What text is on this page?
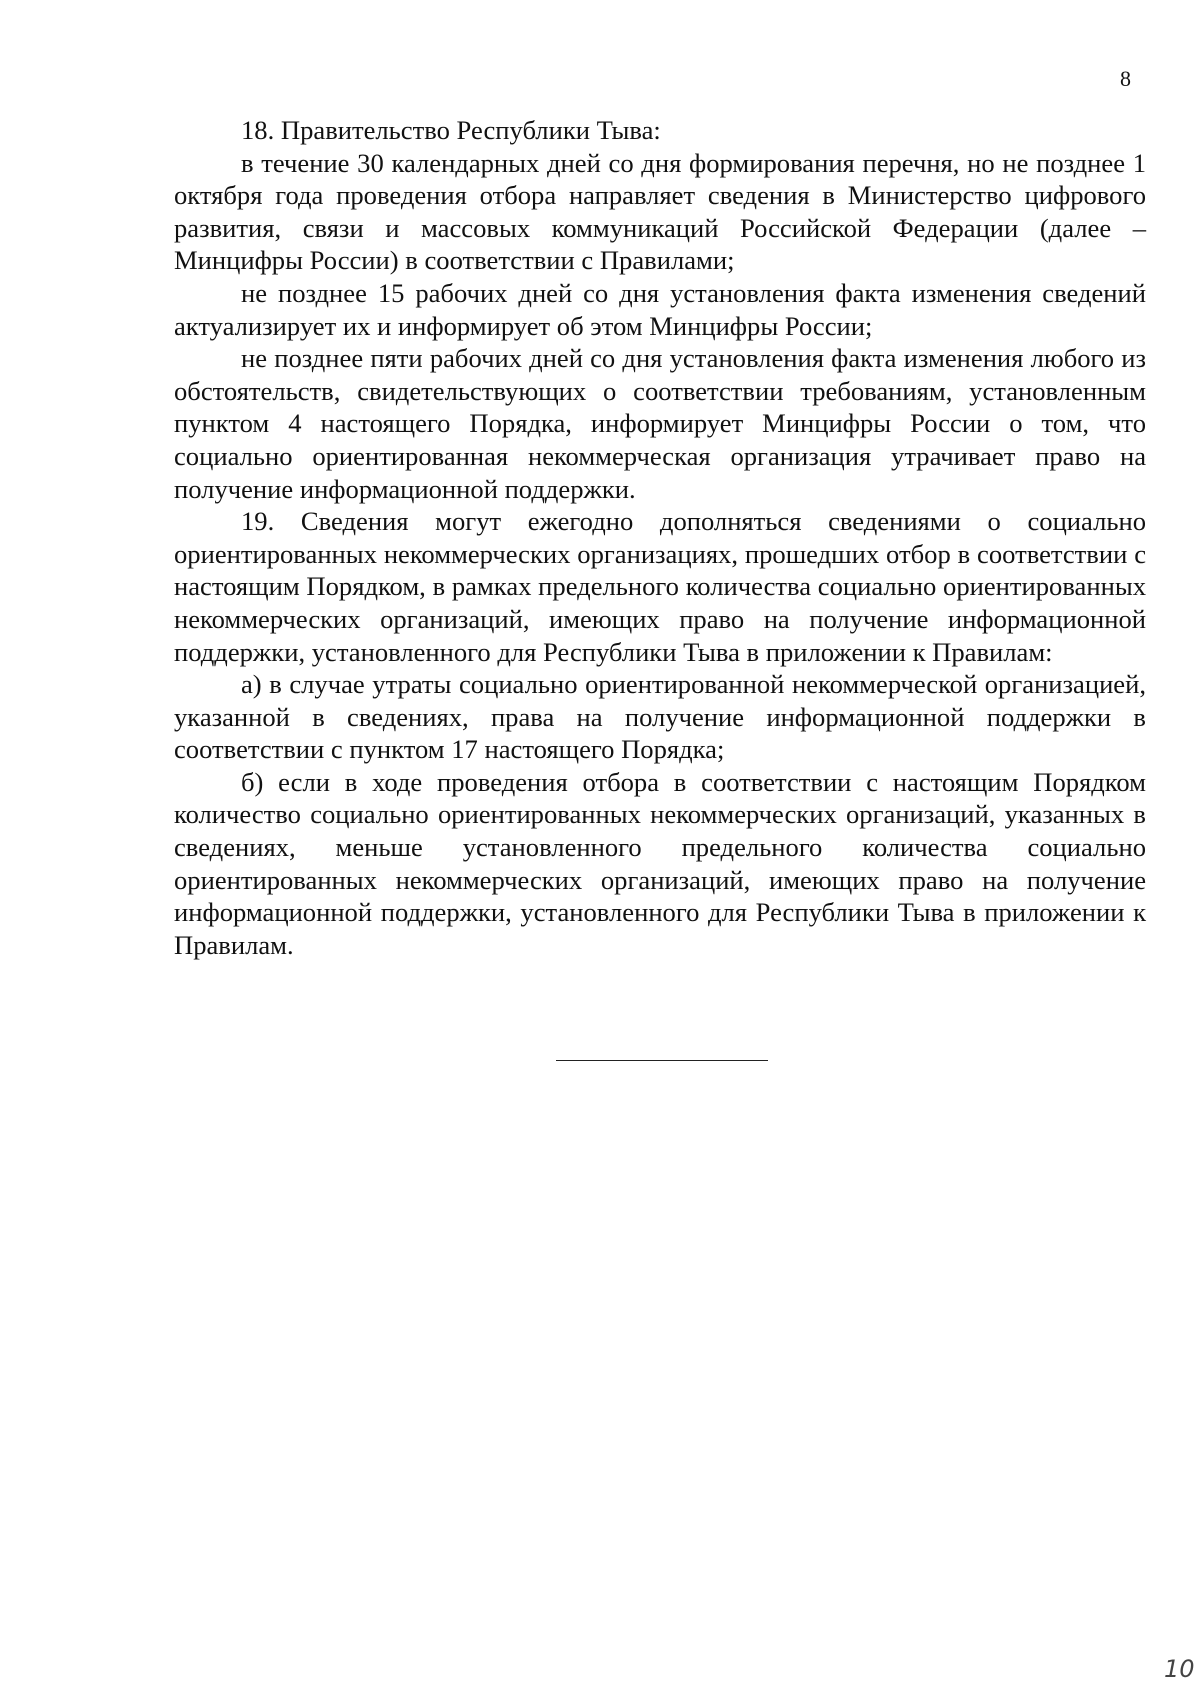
8

18. Правительство Республики Тыва:

в течение 30 календарных дней со дня формирования перечня, но не позднее 1 октября года проведения отбора направляет сведения в Министерство цифрового развития, связи и массовых коммуникаций Российской Федерации (далее – Минцифры России) в соответствии с Правилами;

не позднее 15 рабочих дней со дня установления факта изменения сведений актуализирует их и информирует об этом Минцифры России;

не позднее пяти рабочих дней со дня установления факта изменения любого из обстоятельств, свидетельствующих о соответствии требованиям, установленным пунктом 4 настоящего Порядка, информирует Минцифры России о том, что социально ориентированная некоммерческая организация утрачивает право на получение информационной поддержки.

19. Сведения могут ежегодно дополняться сведениями о социально ориентированных некоммерческих организациях, прошедших отбор в соответствии с настоящим Порядком, в рамках предельного количества социально ориентированных некоммерческих организаций, имеющих право на получение информационной поддержки, установленного для Республики Тыва в приложении к Правилам:

а) в случае утраты социально ориентированной некоммерческой организацией, указанной в сведениях, права на получение информационной поддержки в соответствии с пунктом 17 настоящего Порядка;

б) если в ходе проведения отбора в соответствии с настоящим Порядком количество социально ориентированных некоммерческих организаций, указанных в сведениях, меньше установленного предельного количества социально ориентированных некоммерческих организаций, имеющих право на получение информационной поддержки, установленного для Республики Тыва в приложении к Правилам.

10
